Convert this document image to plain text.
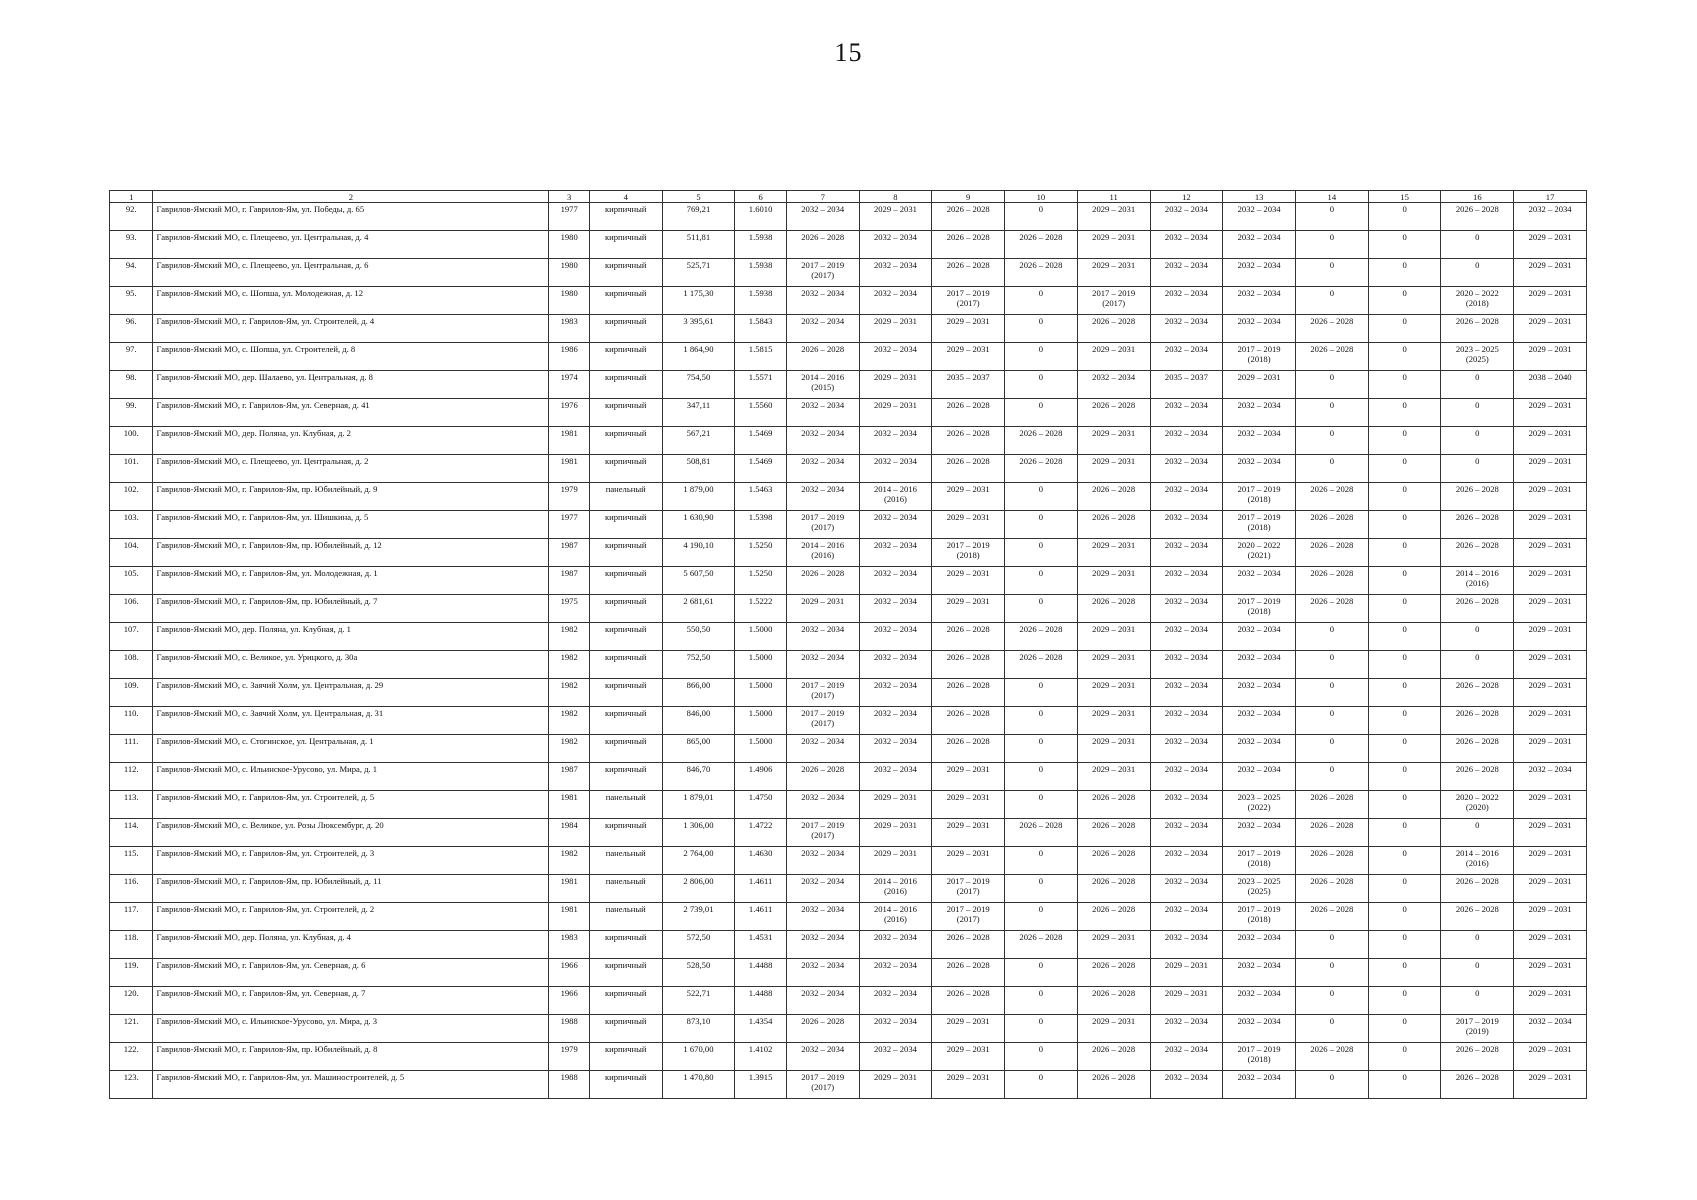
15
1	2	3	4	5	6	7	8	9	10	11	12	13	14	15	16	17

92.	Гаврилов-Ямский МО, г. Гаврилов-Ям, ул. Победы, д. 65	1977	кирпичный	769,21	1.6010	2032 – 2034	2029 – 2031	2026 – 2028	0	2029 – 2031	2032 – 2034	2032 – 2034	0	0	2026 – 2028	2032 – 2034

93.	Гаврилов-Ямский МО, с. Плещеево, ул. Центральная, д. 4	1980	кирпичный	511,81	1.5938	2026 – 2028	2032 – 2034	2026 – 2028	2026 – 2028	2029 – 2031	2032 – 2034	2032 – 2034	0	0	0	2029 – 2031

94.	Гаврилов-Ямский МО, с. Плещеево, ул. Центральная, д. 6	1980	кирпичный	525,71	1.5938	2017 – 2019 (2017)	2032 – 2034	2026 – 2028	2026 – 2028	2029 – 2031	2032 – 2034	2032 – 2034	0	0	0	2029 – 2031

95.	Гаврилов-Ямский МО, с. Шопша, ул. Молодежная, д. 12	1980	кирпичный	1 175,30	1.5938	2032 – 2034	2032 – 2034	2017 – 2019 (2017)	0	2017 – 2019 (2017)	2032 – 2034	2032 – 2034	0	0	2020 – 2022 (2018)	2029 – 2031

96.	Гаврилов-Ямский МО, г. Гаврилов-Ям, ул. Строителей, д. 4	1983	кирпичный	3 395,61	1.5843	2032 – 2034	2029 – 2031	2029 – 2031	0	2026 – 2028	2032 – 2034	2032 – 2034	2026 – 2028	0	2026 – 2028	2029 – 2031

97.	Гаврилов-Ямский МО, с. Шопша, ул. Строителей, д. 8	1986	кирпичный	1 864,90	1.5815	2026 – 2028	2032 – 2034	2029 – 2031	0	2029 – 2031	2032 – 2034	2017 – 2019 (2018)	2026 – 2028	0	2023 – 2025 (2025)	2029 – 2031

98.	Гаврилов-Ямский МО, дер. Шалаево, ул. Центральная, д. 8	1974	кирпичный	754,50	1.5571	2014 – 2016 (2015)	2029 – 2031	2035 – 2037	0	2032 – 2034	2035 – 2037	2029 – 2031	0	0	0	2038 – 2040

99.	Гаврилов-Ямский МО, г. Гаврилов-Ям, ул. Северная, д. 41	1976	кирпичный	347,11	1.5560	2032 – 2034	2029 – 2031	2026 – 2028	0	2026 – 2028	2032 – 2034	2032 – 2034	0	0	0	2029 – 2031

100.	Гаврилов-Ямский МО, дер. Поляна, ул. Клубная, д. 2	1981	кирпичный	567,21	1.5469	2032 – 2034	2032 – 2034	2026 – 2028	2026 – 2028	2029 – 2031	2032 – 2034	2032 – 2034	0	0	0	2029 – 2031

101.	Гаврилов-Ямский МО, с. Плещеево, ул. Центральная, д. 2	1981	кирпичный	508,81	1.5469	2032 – 2034	2032 – 2034	2026 – 2028	2026 – 2028	2029 – 2031	2032 – 2034	2032 – 2034	0	0	0	2029 – 2031

102.	Гаврилов-Ямский МО, г. Гаврилов-Ям, пр. Юбилейный, д. 9	1979	панельный	1 879,00	1.5463	2032 – 2034	2014 – 2016 (2016)	2029 – 2031	0	2026 – 2028	2032 – 2034	2017 – 2019 (2018)	2026 – 2028	0	2026 – 2028	2029 – 2031

103.	Гаврилов-Ямский МО, г. Гаврилов-Ям, ул. Шишкина, д. 5	1977	кирпичный	1 630,90	1.5398	2017 – 2019 (2017)	2032 – 2034	2029 – 2031	0	2026 – 2028	2032 – 2034	2017 – 2019 (2018)	2026 – 2028	0	2026 – 2028	2029 – 2031

104.	Гаврилов-Ямский МО, г. Гаврилов-Ям, пр. Юбилейный, д. 12	1987	кирпичный	4 190,10	1.5250	2014 – 2016 (2016)	2032 – 2034	2017 – 2019 (2018)	0	2029 – 2031	2032 – 2034	2020 – 2022 (2021)	2026 – 2028	0	2026 – 2028	2029 – 2031

105.	Гаврилов-Ямский МО, г. Гаврилов-Ям, ул. Молодежная, д. 1	1987	кирпичный	5 607,50	1.5250	2026 – 2028	2032 – 2034	2029 – 2031	0	2029 – 2031	2032 – 2034	2032 – 2034	2026 – 2028	0	2014 – 2016 (2016)	2029 – 2031

106.	Гаврилов-Ямский МО, г. Гаврилов-Ям, пр. Юбилейный, д. 7	1975	кирпичный	2 681,61	1.5222	2029 – 2031	2032 – 2034	2029 – 2031	0	2026 – 2028	2032 – 2034	2017 – 2019 (2018)	2026 – 2028	0	2026 – 2028	2029 – 2031

107.	Гаврилов-Ямский МО, дер. Поляна, ул. Клубная, д. 1	1982	кирпичный	550,50	1.5000	2032 – 2034	2032 – 2034	2026 – 2028	2026 – 2028	2029 – 2031	2032 – 2034	2032 – 2034	0	0	0	2029 – 2031

108.	Гаврилов-Ямский МО, с. Великое, ул. Урицкого, д. 30а	1982	кирпичный	752,50	1.5000	2032 – 2034	2032 – 2034	2026 – 2028	2026 – 2028	2029 – 2031	2032 – 2034	2032 – 2034	0	0	0	2029 – 2031

109.	Гаврилов-Ямский МО, с. Заячий Холм, ул. Центральная, д. 29	1982	кирпичный	866,00	1.5000	2017 – 2019 (2017)	2032 – 2034	2026 – 2028	0	2029 – 2031	2032 – 2034	2032 – 2034	0	0	2026 – 2028	2029 – 2031

110.	Гаврилов-Ямский МО, с. Заячий Холм, ул. Центральная, д. 31	1982	кирпичный	846,00	1.5000	2017 – 2019 (2017)	2032 – 2034	2026 – 2028	0	2029 – 2031	2032 – 2034	2032 – 2034	0	0	2026 – 2028	2029 – 2031

111.	Гаврилов-Ямский МО, с. Стогинское, ул. Центральная, д. 1	1982	кирпичный	865,00	1.5000	2032 – 2034	2032 – 2034	2026 – 2028	0	2029 – 2031	2032 – 2034	2032 – 2034	0	0	2026 – 2028	2029 – 2031

112.	Гаврилов-Ямский МО, с. Ильинское-Урусово, ул. Мира, д. 1	1987	кирпичный	846,70	1.4906	2026 – 2028	2032 – 2034	2029 – 2031	0	2029 – 2031	2032 – 2034	2032 – 2034	0	0	2026 – 2028	2032 – 2034

113.	Гаврилов-Ямский МО, г. Гаврилов-Ям, ул. Строителей, д. 5	1981	панельный	1 879,01	1.4750	2032 – 2034	2029 – 2031	2029 – 2031	0	2026 – 2028	2032 – 2034	2023 – 2025 (2022)	2026 – 2028	0	2020 – 2022 (2020)	2029 – 2031

114.	Гаврилов-Ямский МО, с. Великое, ул. Розы Люксембург, д. 20	1984	кирпичный	1 306,00	1.4722	2017 – 2019 (2017)	2029 – 2031	2029 – 2031	2026 – 2028	2026 – 2028	2032 – 2034	2032 – 2034	2026 – 2028	0	0	2029 – 2031

115.	Гаврилов-Ямский МО, г. Гаврилов-Ям, ул. Строителей, д. 3	1982	панельный	2 764,00	1.4630	2032 – 2034	2029 – 2031	2029 – 2031	0	2026 – 2028	2032 – 2034	2017 – 2019 (2018)	2026 – 2028	0	2014 – 2016 (2016)	2029 – 2031

116.	Гаврилов-Ямский МО, г. Гаврилов-Ям, пр. Юбилейный, д. 11	1981	панельный	2 806,00	1.4611	2032 – 2034	2014 – 2016 (2016)	2017 – 2019 (2017)	0	2026 – 2028	2032 – 2034	2023 – 2025 (2025)	2026 – 2028	0	2026 – 2028	2029 – 2031

117.	Гаврилов-Ямский МО, г. Гаврилов-Ям, ул. Строителей, д. 2	1981	панельный	2 739,01	1.4611	2032 – 2034	2014 – 2016 (2016)	2017 – 2019 (2017)	0	2026 – 2028	2032 – 2034	2017 – 2019 (2018)	2026 – 2028	0	2026 – 2028	2029 – 2031

118.	Гаврилов-Ямский МО, дер. Поляна, ул. Клубная, д. 4	1983	кирпичный	572,50	1.4531	2032 – 2034	2032 – 2034	2026 – 2028	2026 – 2028	2029 – 2031	2032 – 2034	2032 – 2034	0	0	0	2029 – 2031

119.	Гаврилов-Ямский МО, г. Гаврилов-Ям, ул. Северная, д. 6	1966	кирпичный	528,50	1.4488	2032 – 2034	2032 – 2034	2026 – 2028	0	2026 – 2028	2029 – 2031	2032 – 2034	0	0	0	2029 – 2031

120.	Гаврилов-Ямский МО, г. Гаврилов-Ям, ул. Северная, д. 7	1966	кирпичный	522,71	1.4488	2032 – 2034	2032 – 2034	2026 – 2028	0	2026 – 2028	2029 – 2031	2032 – 2034	0	0	0	2029 – 2031

121.	Гаврилов-Ямский МО, с. Ильинское-Урусово, ул. Мира, д. 3	1988	кирпичный	873,10	1.4354	2026 – 2028	2032 – 2034	2029 – 2031	0	2029 – 2031	2032 – 2034	2032 – 2034	0	0	2017 – 2019 (2019)	2032 – 2034

122.	Гаврилов-Ямский МО, г. Гаврилов-Ям, пр. Юбилейный, д. 8	1979	кирпичный	1 670,00	1.4102	2032 – 2034	2032 – 2034	2029 – 2031	0	2026 – 2028	2032 – 2034	2017 – 2019 (2018)	2026 – 2028	0	2026 – 2028	2029 – 2031

123.	Гаврилов-Ямский МО, г. Гаврилов-Ям, ул. Машиностроителей, д. 5	1988	кирпичный	1 470,80	1.3915	2017 – 2019 (2017)	2029 – 2031	2029 – 2031	0	2026 – 2028	2032 – 2034	2032 – 2034	0	0	2026 – 2028	2029 – 2031
